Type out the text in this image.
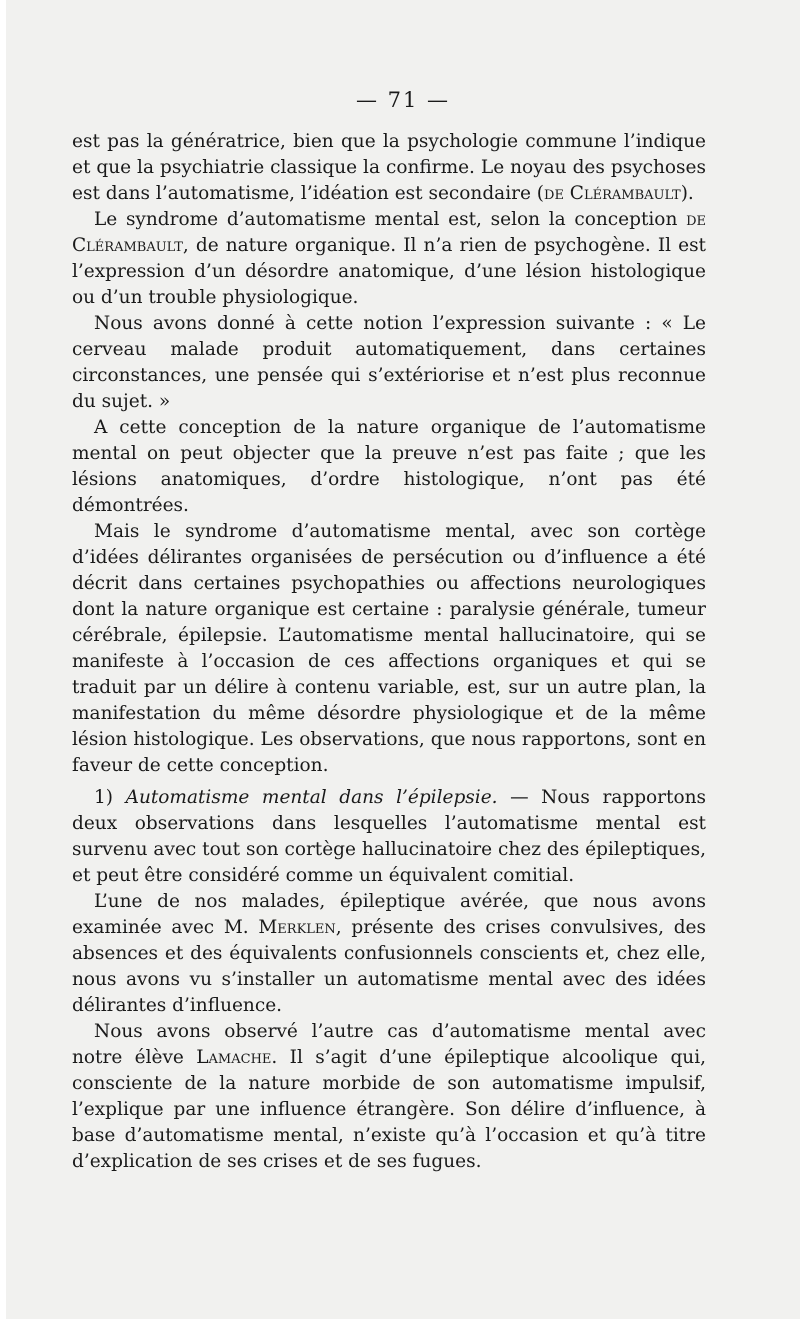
— 71 —

est pas la génératrice, bien que la psychologie commune l’indique et que la psychiatrie classique la confirme. Le noyau des psychoses est dans l’automatisme, l’idéation est secondaire (de Clérambault).

Le syndrome d’automatisme mental est, selon la conception de Clérambault, de nature organique. Il n’a rien de psychogène. Il est l’expression d’un désordre anatomique, d’une lésion histologique ou d’un trouble physiologique.

Nous avons donné à cette notion l’expression suivante : « Le cerveau malade produit automatiquement, dans certaines circonstances, une pensée qui s’extériorise et n’est plus reconnue du sujet. »

A cette conception de la nature organique de l’automatisme mental on peut objecter que la preuve n’est pas faite ; que les lésions anatomiques, d’ordre histologique, n’ont pas été démontrées.

Mais le syndrome d’automatisme mental, avec son cortège d’idées délirantes organisées de persécution ou d’influence a été décrit dans certaines psychopathies ou affections neurologiques dont la nature organique est certaine : paralysie générale, tumeur cérébrale, épilepsie. L’automatisme mental hallucinatoire, qui se manifeste à l’occasion de ces affections organiques et qui se traduit par un délire à contenu variable, est, sur un autre plan, la manifestation du même désordre physiologique et de la même lésion histologique. Les observations, que nous rapportons, sont en faveur de cette conception.

1) Automatisme mental dans l’épilepsie. — Nous rapportons deux observations dans lesquelles l’automatisme mental est survenu avec tout son cortège hallucinatoire chez des épileptiques, et peut être considéré comme un équivalent comitial.

L’une de nos malades, épileptique avérée, que nous avons examinée avec M. Merklen, présente des crises convulsives, des absences et des équivalents confusionnels conscients et, chez elle, nous avons vu s’installer un automatisme mental avec des idées délirantes d’influence.

Nous avons observé l’autre cas d’automatisme mental avec notre élève Lamache. Il s’agit d’une épileptique alcoolique qui, consciente de la nature morbide de son automatisme impulsif, l’explique par une influence étrangère. Son délire d’influence, à base d’automatisme mental, n’existe qu’à l’occasion et qu’à titre d’explication de ses crises et de ses fugues.
